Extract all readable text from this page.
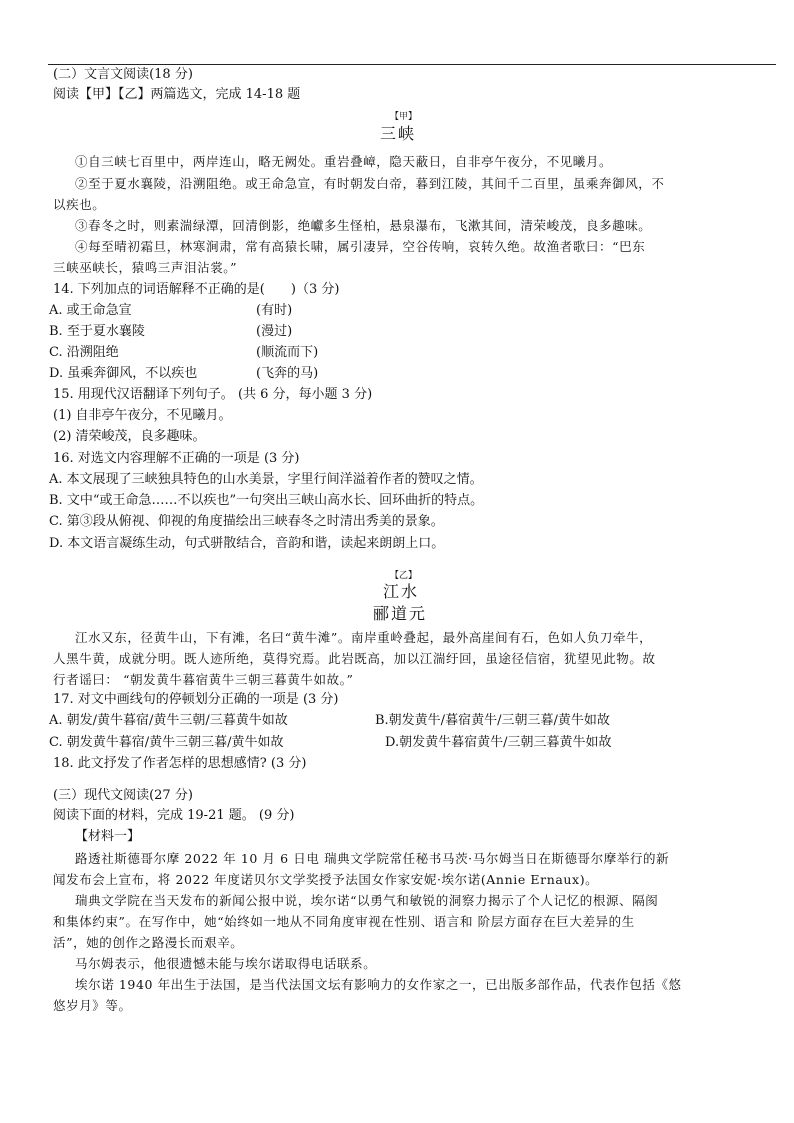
(二）文言文阅读(18 分)
阅读【甲】【乙】两篇选文，完成 14-18 题
【甲】
三峡
①自三峡七百里中，两岸连山，略无阙处。重岩叠嶂，隐天蔽日，自非亭午夜分，不见曦月。
②至于夏水襄陵，沿溯阻绝。或王命急宣，有时朝发白帝，暮到江陵，其间千二百里，虽乘奔御风，不
以疾也。
③春冬之时，则素湍绿潭，回清倒影，绝巘多生怪柏，悬泉瀑布，飞漱其间，清荣峻茂，良多趣味。
④每至晴初霜旦，林寒涧肃，常有高猿长啸，属引凄异，空谷传响，哀转久绝。故渔者歌曰：“巴东
三峡巫峡长，猿鸣三声泪沾裳。”
14. 下列加点的词语解释不正确的是(　　)（3 分)
A. 或王命急宣	(有时)
B. 至于夏水襄陵	(漫过)
C. 沿溯阻绝	(顺流而下)
D. 虽乘奔御风，不以疾也	(飞奔的马)
15. 用现代汉语翻译下列句子。 (共 6 分，每小题 3 分)
(1) 自非亭午夜分，不见曦月。
(2) 清荣峻茂，良多趣味。
16. 对选文内容理解不正确的一项是 (3 分)
A. 本文展现了三峡独具特色的山水美景，字里行间洋溢着作者的赞叹之情。
B. 文中“或王命急……不以疾也”一句突出三峡山高水长、回环曲折的特点。
C. 第③段从俯视、仰视的角度描绘出三峡春冬之时清出秀美的景象。
D. 本文语言凝练生动，句式骈散结合，音韵和谐，读起来朗朗上口。
【乙】
江水
郦道元
江水又东，径黄牛山，下有滩，名曰“黄牛滩”。南岸重岭叠起，最外高崖间有石，色如人负刀牵牛，
人黑牛黄，成就分明。既人迹所绝，莫得究焉。此岩既高，加以江湍纡回，虽途径信宿，犹望见此物。故
行者谣曰： “朝发黄牛暮宿黄牛三朝三暮黄牛如故。”
17. 对文中画线句的停顿划分正确的一项是 (3 分)
A. 朝发/黄牛暮宿/黄牛三朝/三暮黄牛如故	B.朝发黄牛/暮宿黄牛/三朝三暮/黄牛如故
C. 朝发黄牛暮宿/黄牛三朝三暮/黄牛如故	D.朝发黄牛暮宿黄牛/三朝三暮黄牛如故
18. 此文抒发了作者怎样的思想感情? (3 分)
(三）现代文阅读(27 分)
阅读下面的材料，完成 19-21 题。 (9 分)
【材料一】
路透社斯德哥尔摩 2022 年 10 月 6 日电 瑞典文学院常任秘书马茨·马尔姆当日在斯德哥尔摩举行的新
闻发布会上宣布，将 2022 年度诺贝尔文学奖授予法国女作家安妮·埃尔诺(Annie Ernaux)。
瑞典文学院在当天发布的新闻公报中说，埃尔诺“以勇气和敏锐的洞察力揭示了个人记忆的根源、隔阂
和集体约束”。在写作中，她“始终如一地从不同角度审视在性别、语言和 阶层方面存在巨大差异的生
活”，她的创作之路漫长而艰辛。
马尔姆表示，他很遗憾未能与埃尔诺取得电话联系。
埃尔诺 1940 年出生于法国，是当代法国文坛有影响力的女作家之一，已出版多部作品，代表作包括《悠
悠岁月》等。
